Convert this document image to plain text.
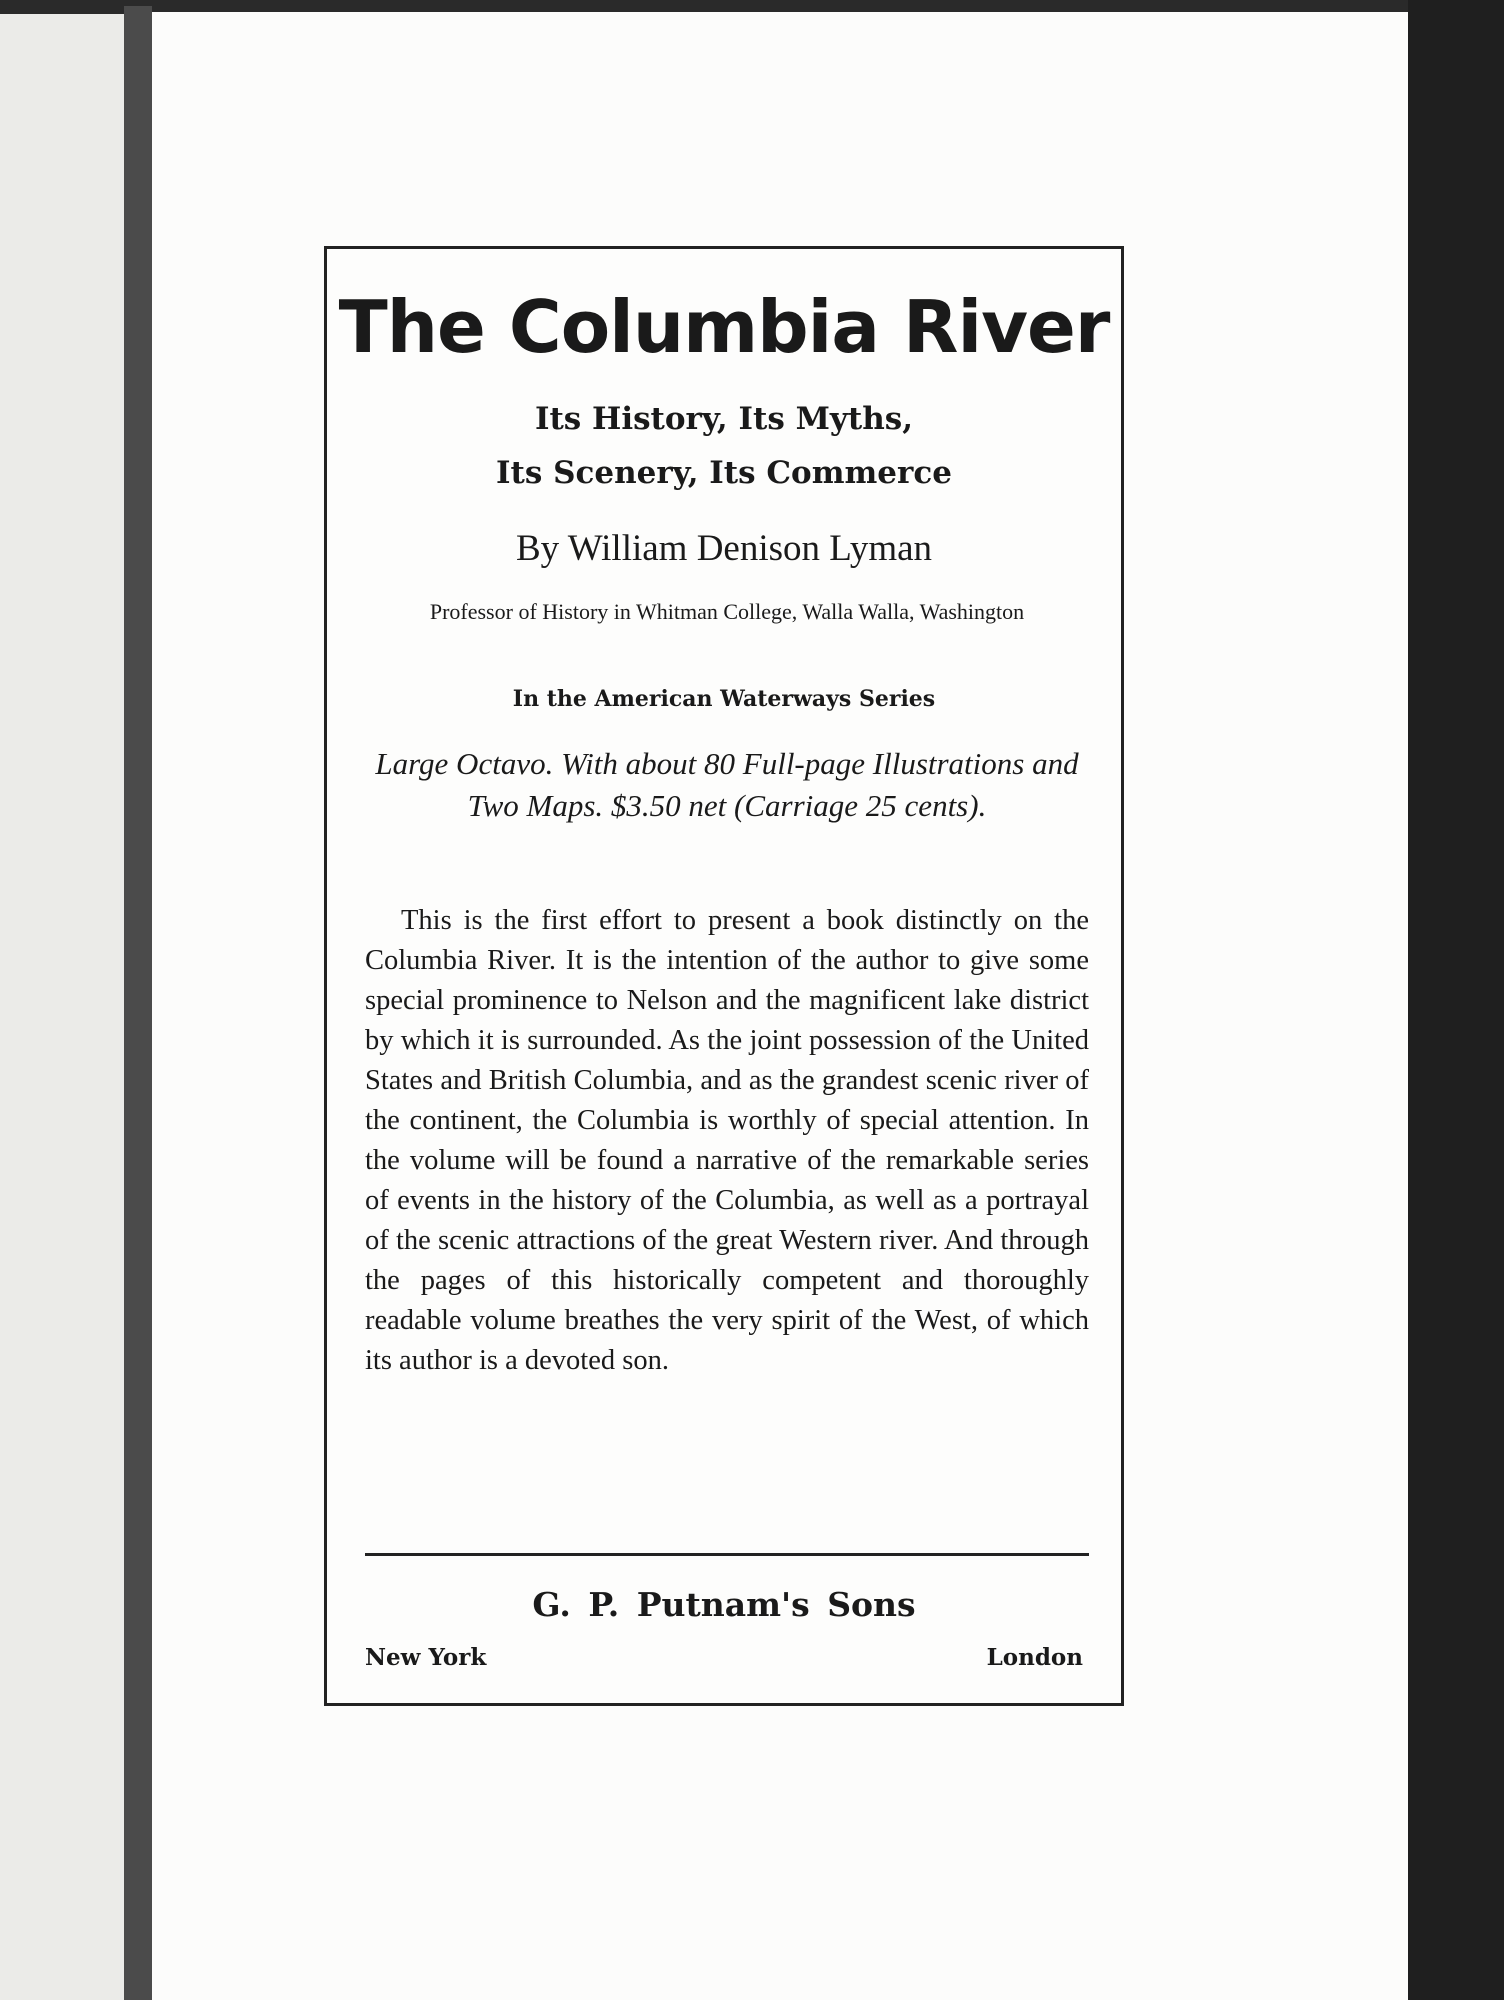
The Columbia River
Its History, Its Myths,
Its Scenery, Its Commerce
By William Denison Lyman
Professor of History in Whitman College, Walla Walla, Washington
In the American Waterways Series
Large Octavo. With about 80 Full-page Illustrations and Two Maps. $3.50 net (Carriage 25 cents).
This is the first effort to present a book distinctly on the Columbia River. It is the intention of the author to give some special prominence to Nelson and the magnificent lake district by which it is surrounded. As the joint possession of the United States and British Columbia, and as the grandest scenic river of the continent, the Columbia is worthly of special attention. In the volume will be found a narrative of the remarkable series of events in the history of the Columbia, as well as a portrayal of the scenic attractions of the great Western river. And through the pages of this historically competent and thoroughly readable volume breathes the very spirit of the West, of which its author is a devoted son.
G. P. Putnam's Sons
New York	London
